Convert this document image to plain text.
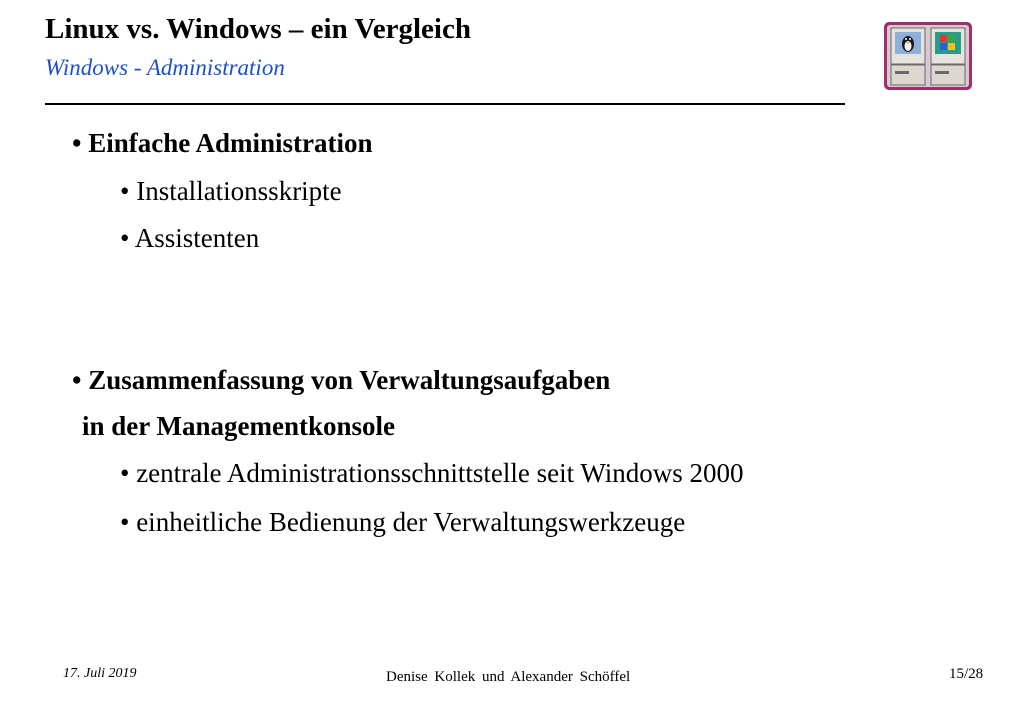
Linux vs. Windows – ein Vergleich
Windows - Administration
• Einfache Administration
• Installationsskripte
• Assistenten
• Zusammenfassung von Verwaltungsaufgaben
in der Managementkonsole
• zentrale Administrationsschnittstelle seit Windows 2000
• einheitliche Bedienung der Verwaltungswerkzeuge
17. Juli 2019	Denise Kollek und Alexander Schöffel	15/28
